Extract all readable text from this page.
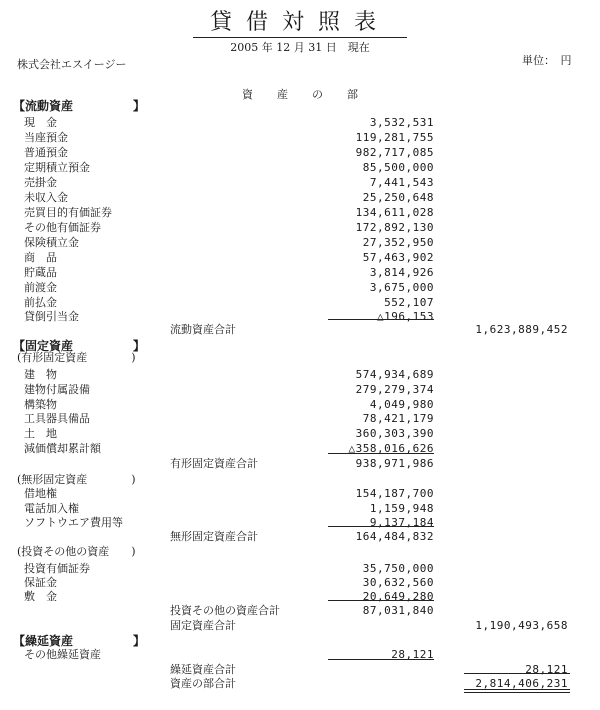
貸借対照表
2005 年 12 月 31 日　現在
株式会社エスイージー	単位：　円
資産の部
【流動資産　　　　　】
現　金	3,532,531
当座預金	119,281,755
普通預金	982,717,085
定期積立預金	85,500,000
売掛金	7,441,543
未収入金	25,250,648
売買目的有価証券	134,611,028
その他有価証券	172,892,130
保険積立金	27,352,950
商　品	57,463,902
貯蔵品	3,814,926
前渡金	3,675,000
前払金	552,107
貸倒引当金	△196,153
流動資産合計	1,623,889,452
【固定資産　　　　　】
(有形固定資産　　　　)
建　物	574,934,689
建物付属設備	279,279,374
構築物	4,049,980
工具器具備品	78,421,179
土　地	360,303,390
減価償却累計額	△358,016,626
有形固定資産合計	938,971,986
(無形固定資産　　　　)
借地権	154,187,700
電話加入権	1,159,948
ソフトウエア費用等	9,137,184
無形固定資産合計	164,484,832
(投資その他の資産　　)
投資有価証券	35,750,000
保証金	30,632,560
敷　金	20,649,280
投資その他の資産合計	87,031,840
固定資産合計	1,190,493,658
【繰延資産　　　　　】
その他繰延資産	28,121
繰延資産合計	28,121
資産の部合計	2,814,406,231
